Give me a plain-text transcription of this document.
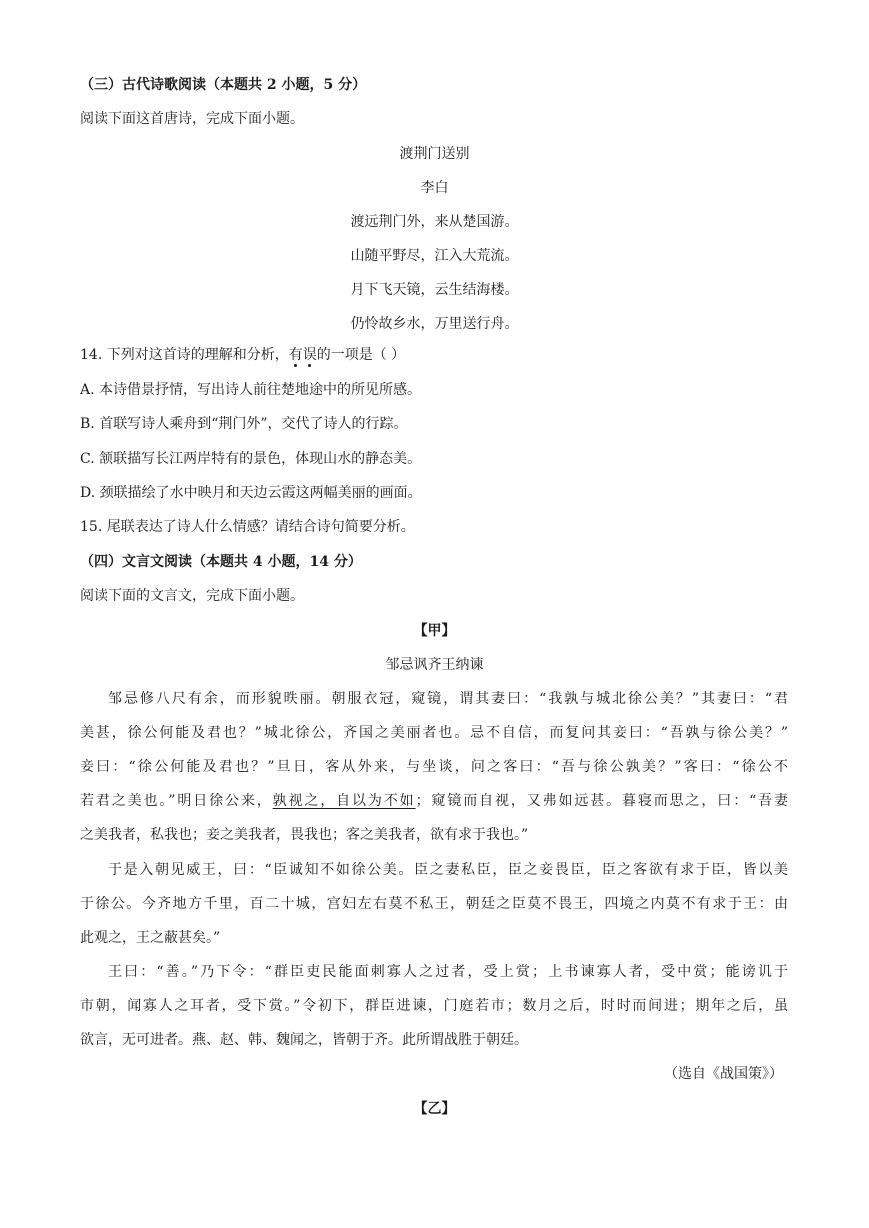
（三）古代诗歌阅读（本题共 2 小题，5 分）
阅读下面这首唐诗，完成下面小题。
渡荆门送别
李白
渡远荆门外，来从楚国游。
山随平野尽，江入大荒流。
月下飞天镜，云生结海楼。
仍怜故乡水，万里送行舟。
14. 下列对这首诗的理解和分析，有误的一项是（ ）
A. 本诗借景抒情，写出诗人前往楚地途中的所见所感。
B. 首联写诗人乘舟到“荆门外”，交代了诗人的行踪。
C. 颔联描写长江两岸特有的景色，体现山水的静态美。
D. 颈联描绘了水中映月和天边云霞这两幅美丽的画面。
15. 尾联表达了诗人什么情感？请结合诗句简要分析。
（四）文言文阅读（本题共 4 小题，14 分）
阅读下面的文言文，完成下面小题。
【甲】
邹忌讽齐王纳谏
邹忌修八尺有余，而形貌昳丽。朝服衣冠，窥镜，谓其妻曰：“我孰与城北徐公美？”其妻曰：“君
美甚，徐公何能及君也？”城北徐公，齐国之美丽者也。忌不自信，而复问其妾曰：“吾孰与徐公美？”
妾曰：“徐公何能及君也？”旦日，客从外来，与坐谈，问之客曰：“吾与徐公孰美？”客曰：“徐公不
若君之美也。”明日徐公来，孰视之，自以为不如；窥镜而自视，又弗如远甚。暮寝而思之，曰：“吾妻
之美我者，私我也；妾之美我者，畏我也；客之美我者，欲有求于我也。”
于是入朝见威王，曰：“臣诚知不如徐公美。臣之妻私臣，臣之妾畏臣，臣之客欲有求于臣，皆以美
于徐公。今齐地方千里，百二十城，宫妇左右莫不私王，朝廷之臣莫不畏王，四境之内莫不有求于王：由
此观之，王之蔽甚矣。”
王曰：“善。”乃下令：“群臣吏民能面刺寡人之过者，受上赏；上书谏寡人者，受中赏；能谤讥于
市朝，闻寡人之耳者，受下赏。”令初下，群臣进谏，门庭若市；数月之后，时时而间进；期年之后，虽
欲言，无可进者。燕、赵、韩、魏闻之，皆朝于齐。此所谓战胜于朝廷。
（选自《战国策》）
【乙】
